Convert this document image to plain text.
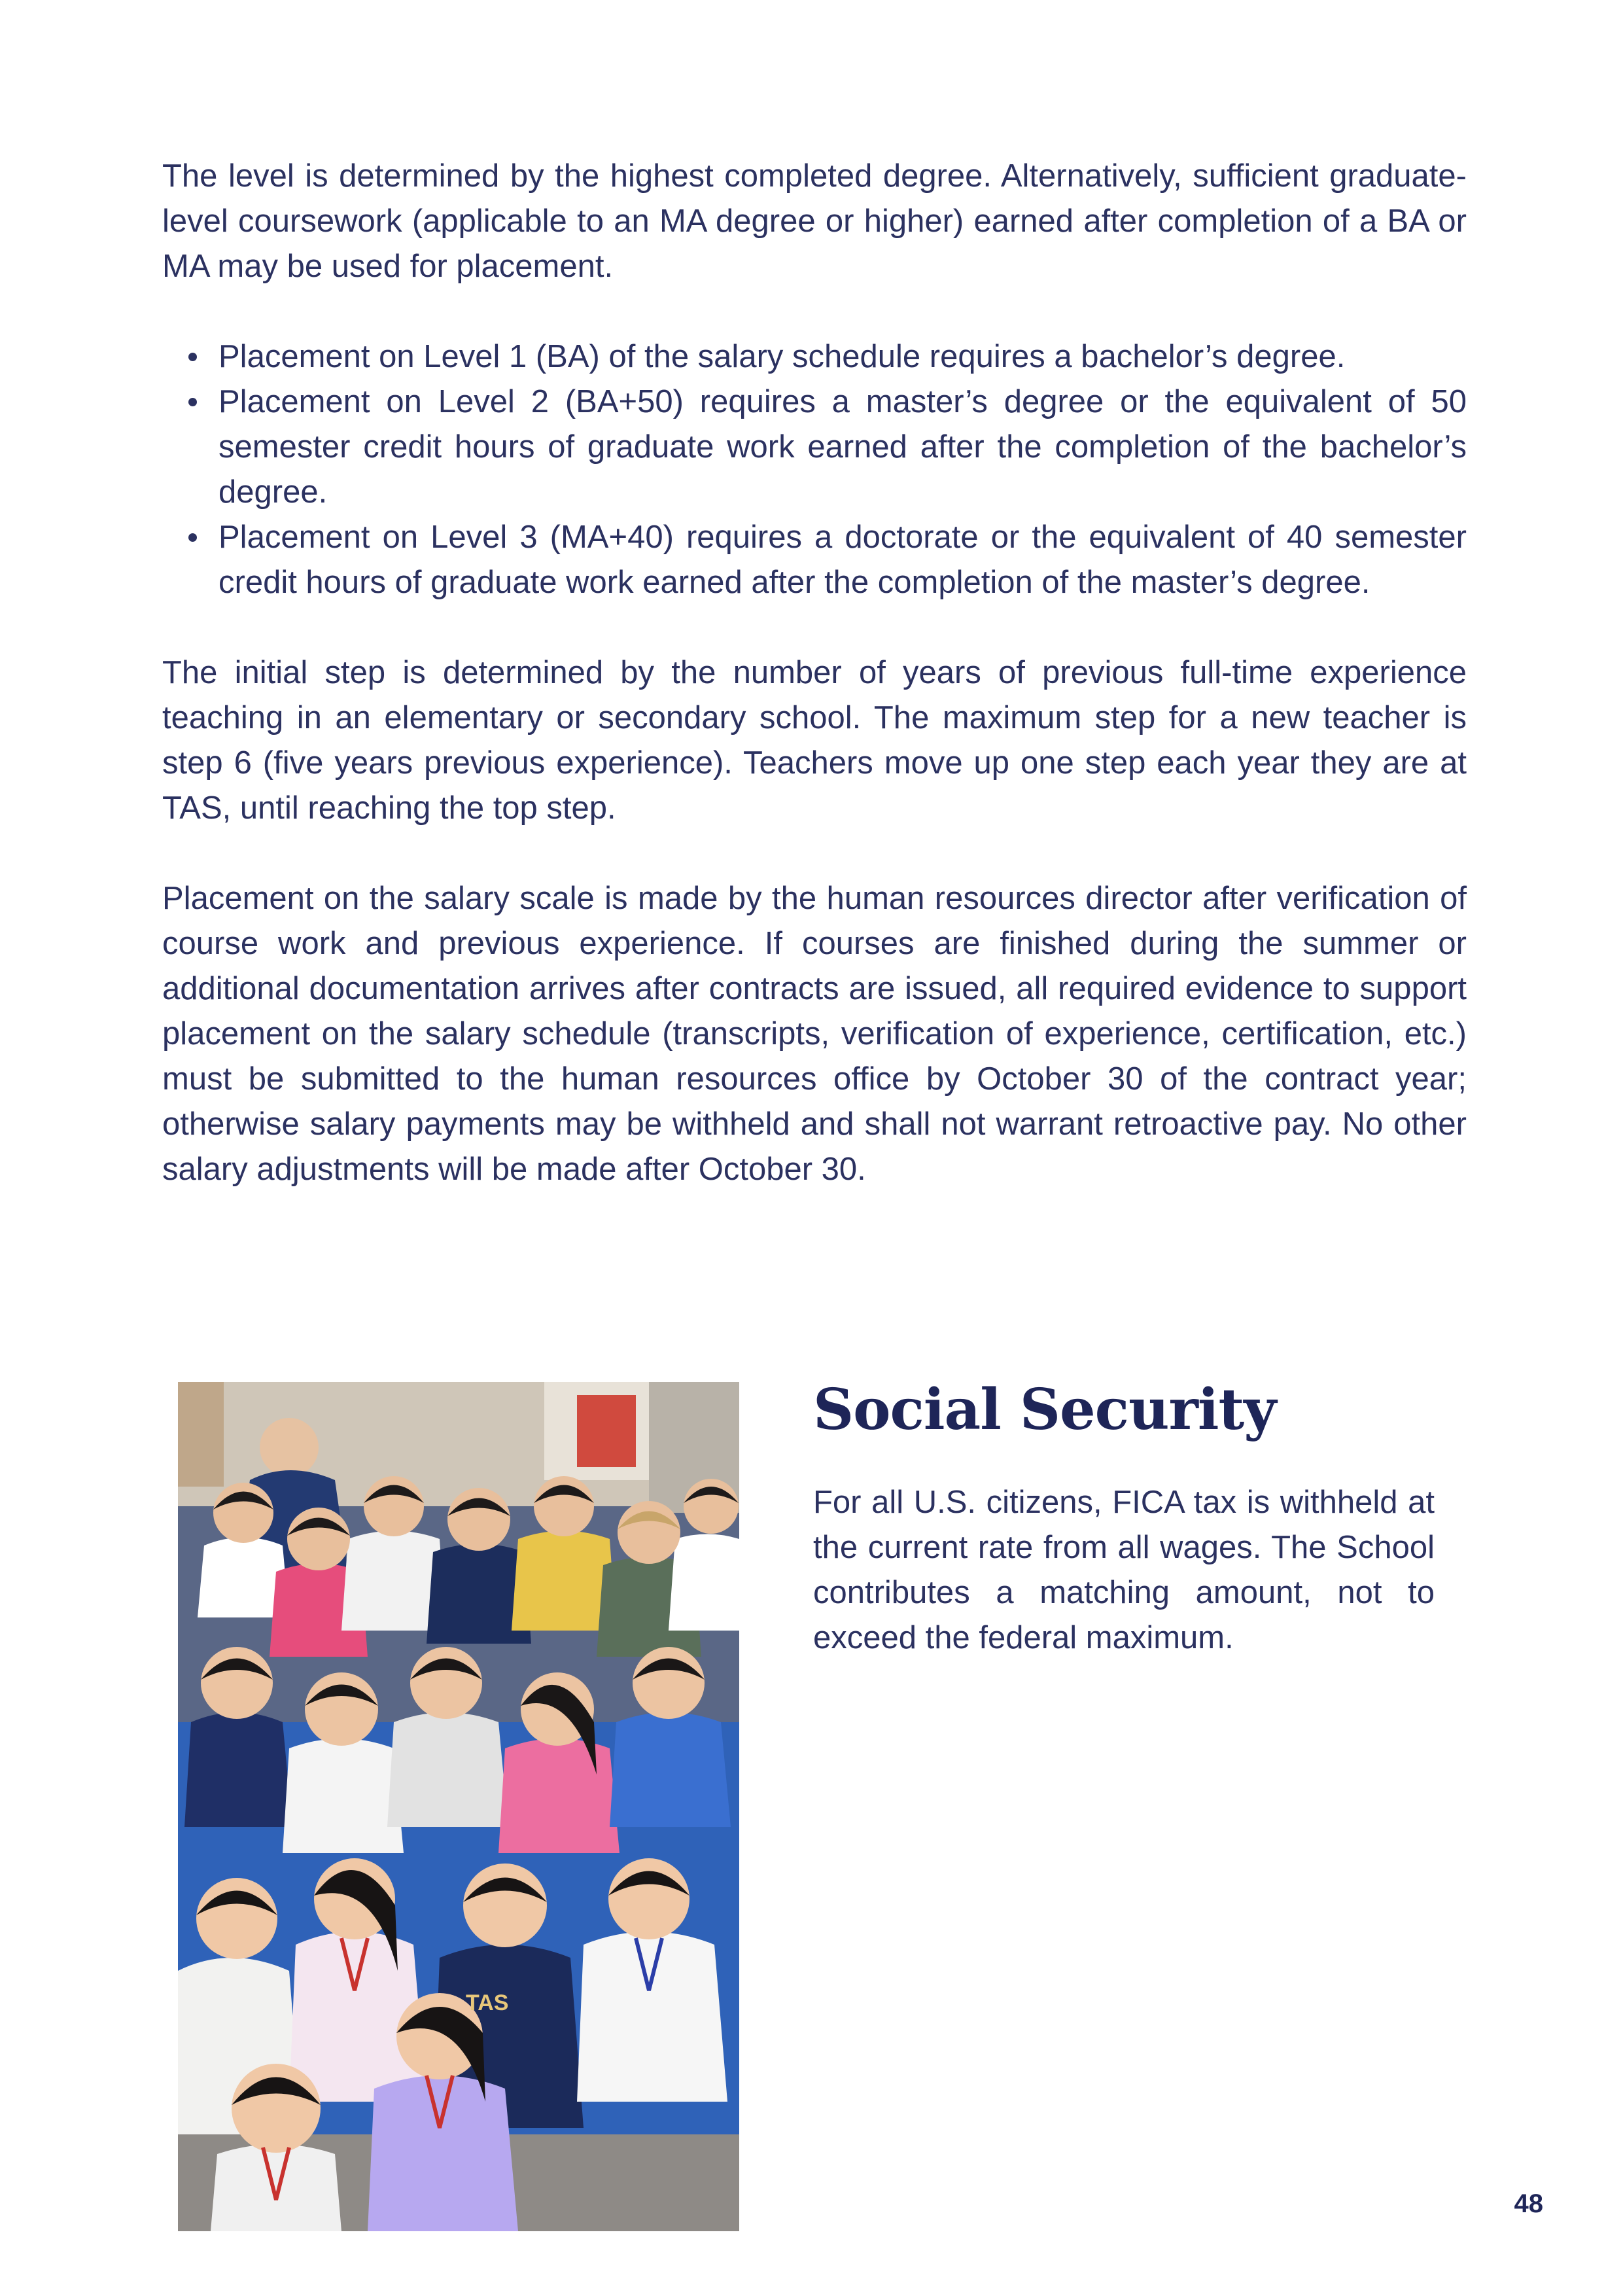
The level is determined by the highest completed degree. Alternatively, sufficient graduate-level coursework (applicable to an MA degree or higher) earned after completion of a BA or MA may be used for placement.

Placement on Level 1 (BA) of the salary schedule requires a bachelor’s degree.
Placement on Level 2 (BA+50) requires a master’s degree or the equivalent of 50 semester credit hours of graduate work earned after the completion of the bachelor’s degree.
Placement on Level 3 (MA+40) requires a doctorate or the equivalent of 40 semester credit hours of graduate work earned after the completion of the master’s degree.

The initial step is determined by the number of years of previous full-time experience teaching in an elementary or secondary school. The maximum step for a new teacher is step 6 (five years previous experience). Teachers move up one step each year they are at TAS, until reaching the top step.

Placement on the salary scale is made by the human resources director after verification of course work and previous experience. If courses are finished during the summer or additional documentation arrives after contracts are issued, all required evidence to support placement on the salary schedule (transcripts, verification of experience, certification, etc.) must be submitted to the human resources office by October 30 of the contract year; otherwise salary payments may be withheld and shall not warrant retroactive pay. No other salary adjustments will be made after October 30.

TAS
Social Security

For all U.S. citizens, FICA tax is withheld at the current rate from all wages. The School contributes a matching amount, not to exceed the federal maximum.

48
